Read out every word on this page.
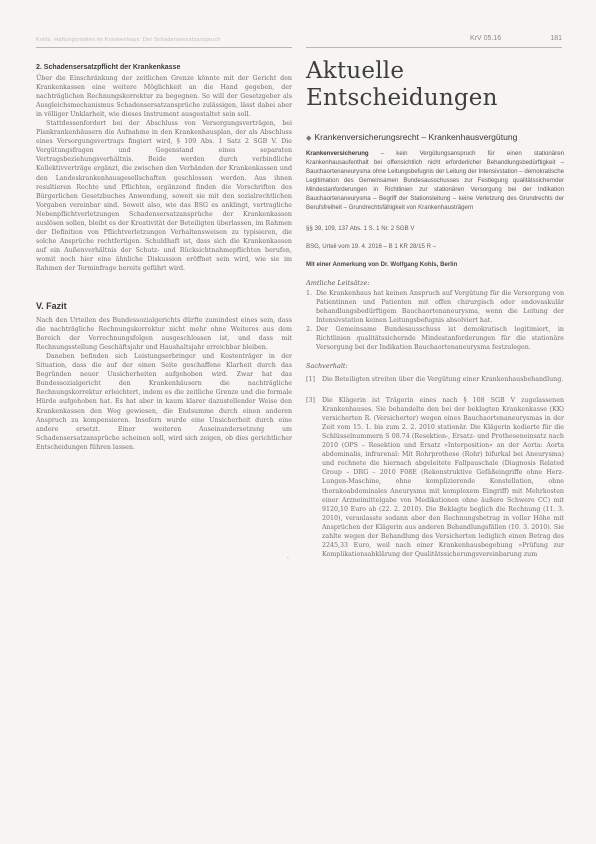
Kohls, Haftungsrisiken im Krankenhaus: Der Schadensersatzanspruch	KrV 05.16	181
2. Schadensersatzpflicht der Krankenkasse

Über die Einschränkung der zeitlichen Grenze könnte mit der Gericht den Krankenkassen eine weitere Möglichkeit an die Hand gegeben, der nachträglichen Rechnungskorrektur zu begegnen. So will der Gesetzgeber als Ausgleichsmechanismus Schadensersatzansprüche zulässigen, lässt dabei aber in völliger Unklarheit, wie dieses Instrument ausgestaltet sein soll.

Stattdessenfordert bei der Abschluss von Versorgungsverträgen, bei Plankrankenhäusern die Aufnahme in den Krankenhausplan, der als Abschluss eines Versorgungsvertrags fingiert wird, § 109 Abs. 1 Satz 2 SGB V. Die Vergütungsfragen und Gegenstand eines separaten Vertragsbeziehungsverhältnis. Beide werden durch verbindliche Kollektivverträge ergänzt, die zwischen den Verbänden der Krankenkassen und den Landeskrankenhausgesellschaften geschlossen werden. Aus ihnen resultieren Rechte und Pflichten, ergänzend finden die Vorschriften des Bürgerlichen Gesetzbuches Anwendung, soweit sie mit den sozialrechtlichen Vorgaben vereinbar sind. Soweit also, wie das BSG es anklingt, vertragliche Nebenpflichtverletzungen Schadensersatzansprüche der Krankenkassen auslösen sollen, bleibt es der Kreativität der Beteiligten überlassen, im Rahmen der Definition von Pflichtverletzungen Verhaltensweisen zu typisieren, die solche Ansprüche rechtfertigen. Schuldhaft ist, dass sich die Krankenkassen auf ein Außenverhältnis der Schutz- und Rücksichtnahmepflichten berufen, womit noch hier eine ähnliche Diskussion eröffnet sein wird, wie sie im Rahmen der Terminfrage bereits geführt wird.

V. Fazit

Nach den Urteilen des Bundessozialgerichts dürfte zumindest eines sein, dass die nachträgliche Rechnungskorrektur nicht mehr ohne Weiteres aus dem Bereich der Verrechnungsfolgen ausgeschlossen ist, und dass mit Rechnungsstellung Geschäftsjahr und Haushaltsjahr erreichbar bleiben.

Daneben befinden sich Leistungserbringer und Kostenträger in der Situation, dass die auf der einen Seite geschaffene Klarheit durch das Begründen neuer Unsicherheiten aufgehoben wird. Zwar hat das Bundessozialgericht den Krankenhäusern die nachträgliche Rechnungskorrektur erleichtert, indem es die zeitliche Grenze und die formale Hürde aufgehoben hat. Es hat aber in kaum klarer dazustellender Weise den Krankenkassen den Weg gewiesen, die Endsumme durch einen anderen Anspruch zu kompensieren. Insofern wurde eine Unsicherheit durch eine andere ersetzt. Einer weiteren Auseinandersetzung um Schadensersatzansprüche scheinen soll, wird sich zeigen, ob dies gerichtlicher Entscheidungen führen lassen.

‹
Aktuelle
Entscheidungen
◆ Krankenversicherungsrecht – Krankenhausvergütung

Krankenversicherung – kein Vergütungsanspruch für einen stationären Krankenhausaufenthalt bei offensichtlich nicht erforderlicher Behandlungsbedürftigkeit – Bauchaortenaneurysma ohne Leitungsbefugnis der Leitung der Intensivstation – demokratische Legitimation des Gemeinsamen Bundesausschusses zur Festlegung qualitätssichernder Mindestanforderungen in Richtlinien zur stationären Versorgung bei der Indikation Bauchaortenaneurysma – Begriff der Stationsleitung – keine Verletzung des Grundrechts der Berufsfreiheit – Grundrechtsfähigkeit von Krankenhausträgern

§§ 39, 109, 137 Abs. 1 S. 1 Nr. 2 SGB V
BSG, Urteil vom 19. 4. 2016 – B 1 KR 28/15 R –
Mit einer Anmerkung von Dr. Wolfgang Kohls, Berlin
Amtliche Leitsätze:
1. Die Krankenhaus hat keinen Anspruch auf Vergütung für die Versorgung von Patientinnen und Patienten mit offen chirurgisch oder endovaskulär behandlungsbedürftigem Bauchaortenaneurysma, wenn die Leitung der Intensivstation keinen Leitungsbefugnis absolviert hat.
2. Der Gemeinsame Bundesausschuss ist demokratisch legitimiert, in Richtlinien qualitätssichernde Mindestanforderungen für die stationäre Versorgung bei der Indikation Bauchaortenaneurysma festzulegen.
Sachverhalt:
[1]	Die Beteiligten streiten über die Vergütung einer Krankenhausbehandlung.
[3]	Die Klägerin ist Trägerin eines nach § 108 SGB V zugelassenen Krankenhauses. Sie behandelte den bei der beklagten Krankenkasse (KK) versicherten R. (Versicherter) wegen eines Bauchaortenaneurysmas in der Zeit vom 15. 1. bis zum 2. 2. 2010 stationär. Die Klägerin kodierte für die Schlüsselnummern S 08.74 (Resektion-, Ersatz- und Protheseneinsatz nach 2010 (OPS – Resektion und Ersatz »Interposition« an der Aorta: Aorta abdominalis, infrarenal: Mit Rohrprothese (Rohr) bifurkal bei Aneurysma) und rechnete die hiernach abgeleitete Fallpauschale (Diagnosis Related Group – DRG – 2010 F08E (Rekonstruktive Gefäßeingriffe ohne Herz-Lungen-Maschine, ohne komplizierende Konstellation, ohne thorakoabdominales Aneurysma mit komplexem Eingriff) mit Mehrkosten einer Arzneimittelgabe von Medikationen ohne äußere Schwere CC) mit 9120,10 Euro ab (22. 2. 2010). Die Beklagte beglich die Rechnung (11. 3. 2010), veranlasste sodann aber den Rechnungsbetrag in voller Höhe mit Ansprüchen der Klägerin aus anderen Behandlungsfällen (10. 3. 2010). Sie zahlte wegen der Behandlung des Versicherten lediglich einen Betrag des 2245,33 Euro, weil nach einer Krankenhausbegehung »Prüfung zur Komplikationsabklärung der Qualitätssicherungsvereinbarung zum
